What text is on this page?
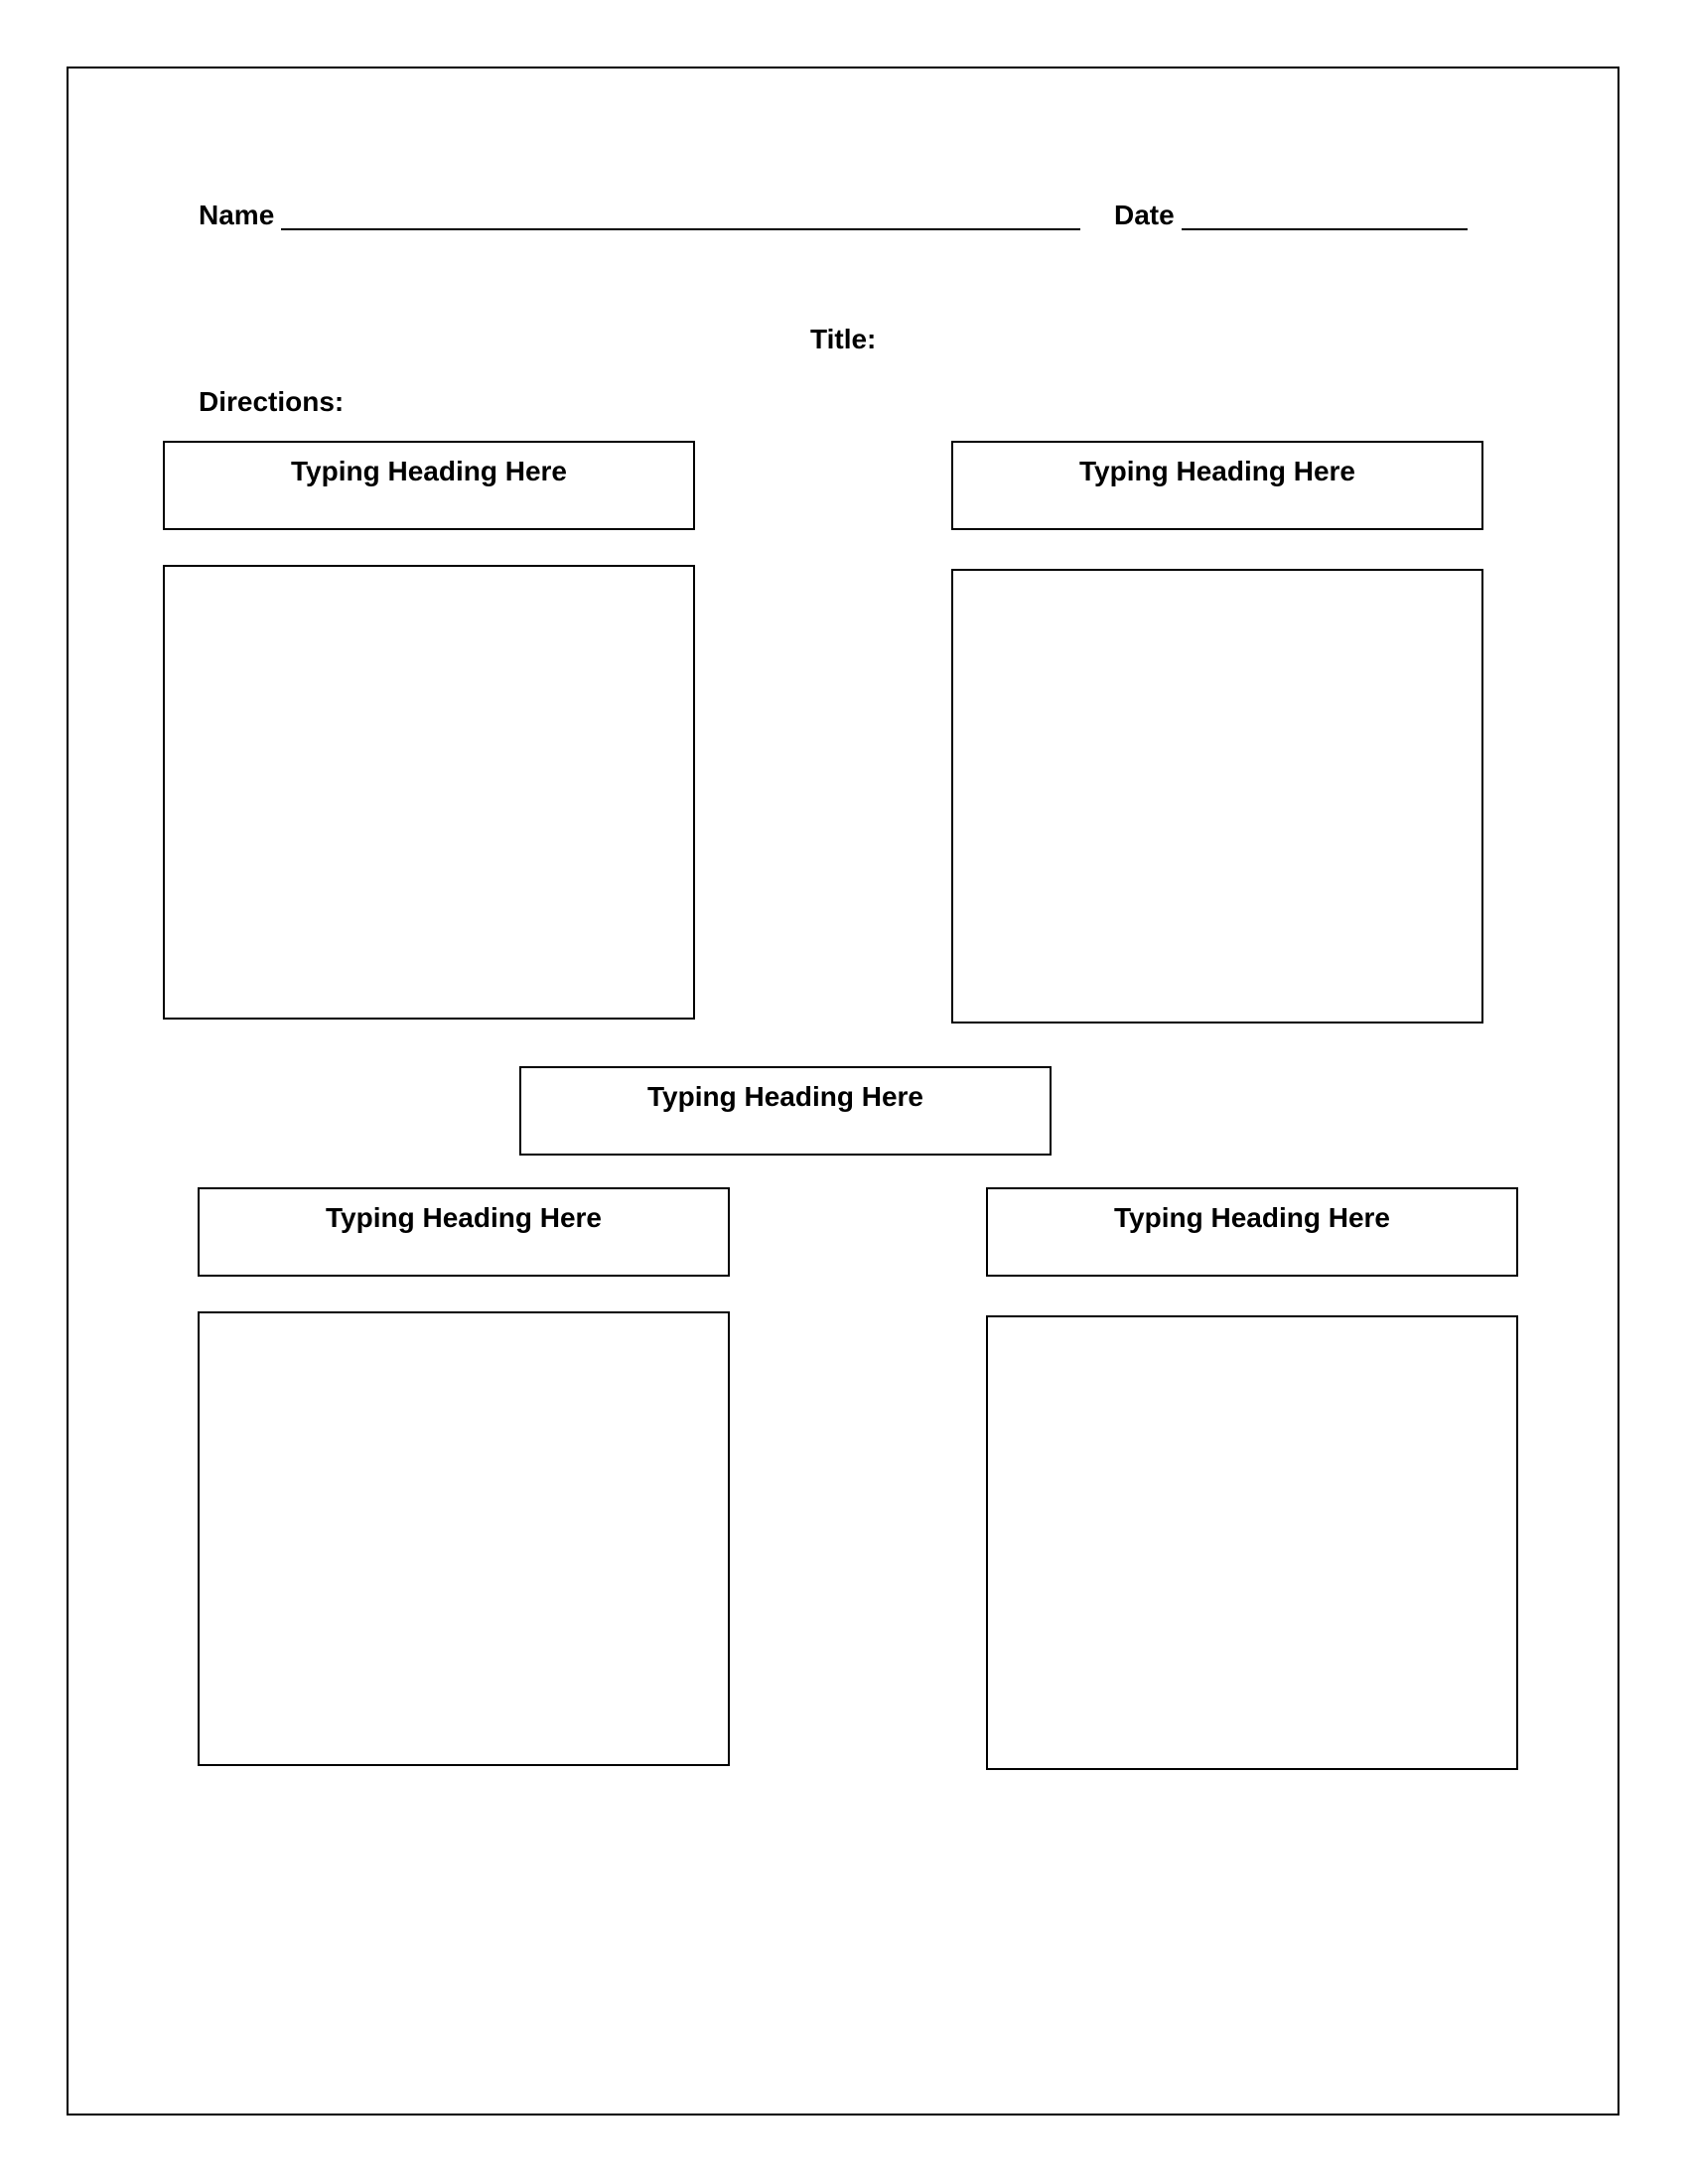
Name	Date
Title:
Directions:
Typing Heading Here	Typing Heading Here
Typing Heading Here
Typing Heading Here	Typing Heading Here
